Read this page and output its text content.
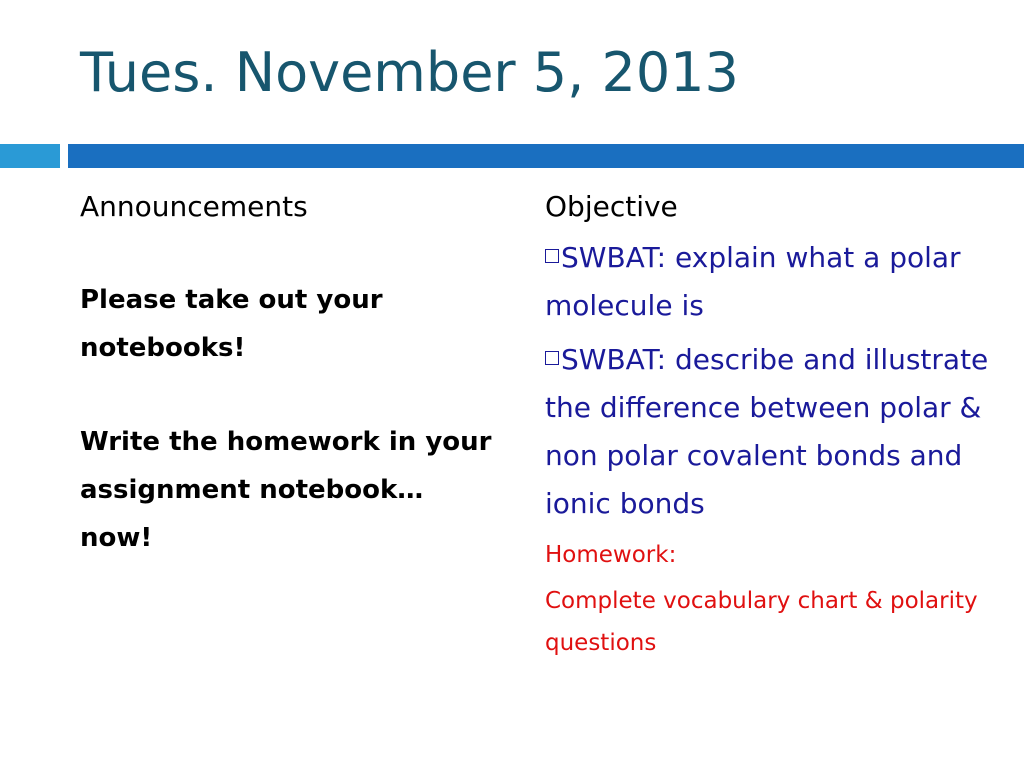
Tues. November 5, 2013
Announcements
Please take out your notebooks!
Write the homework in your assignment notebook… now!
Objective
SWBAT: explain what a polar molecule is
SWBAT: describe and illustrate the difference between polar & non polar covalent bonds and ionic bonds
Homework:
Complete vocabulary chart & polarity questions
